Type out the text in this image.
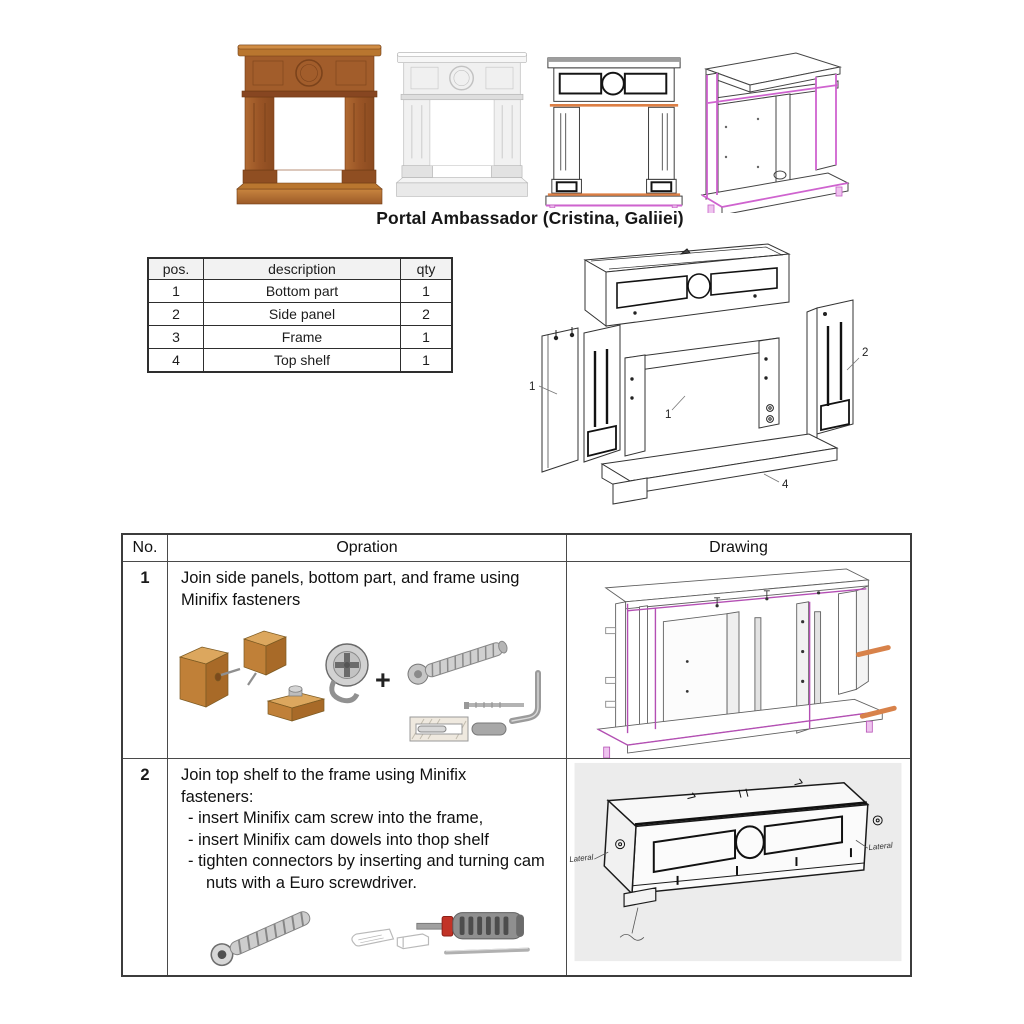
Portal Ambassador (Cristina, Galiiei)
pos.	description	qty
1	Bottom part	1
2	Side panel	2
3	Frame	1
4	Top shelf	1
1
2
1
4
No.	Opration	Drawing
1	Join side panels, bottom part, and frame using
Minifix fasteners
+
2	Join top shelf to the frame using Minifix
fasteners:
- insert Minifix cam screw into the frame,
- insert Minifix cam dowels into thop shelf
- tighten connectors by inserting and turning cam
nuts with a Euro screwdriver.
Lateral
Lateral
